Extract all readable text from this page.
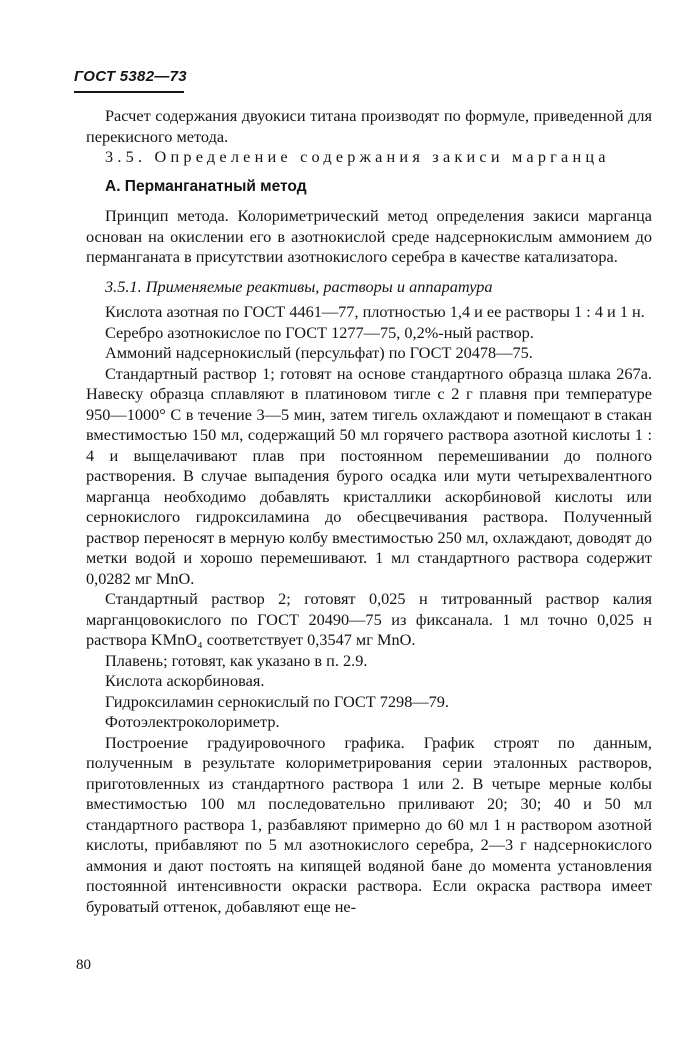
ГОСТ 5382—73

Расчет содержания двуокиси титана производят по формуле, приведенной для перекисного метода.

3.5. Определение содержания закиси марганца

А. Перманганатный метод

Принцип метода. Колориметрический метод определения закиси марганца основан на окислении его в азотнокислой среде надсернокислым аммонием до перманганата в присутствии азотнокислого серебра в качестве катализатора.

3.5.1. Применяемые реактивы, растворы и аппаратура

Кислота азотная по ГОСТ 4461—77, плотностью 1,4 и ее растворы 1 : 4 и 1 н.

Серебро азотнокислое по ГОСТ 1277—75, 0,2%-ный раствор.

Аммоний надсернокислый (персульфат) по ГОСТ 20478—75.

Стандартный раствор 1; готовят на основе стандартного образца шлака 267а. Навеску образца сплавляют в платиновом тигле с 2 г плавня при температуре 950—1000° С в течение 3—5 мин, затем тигель охлаждают и помещают в стакан вместимостью 150 мл, содержащий 50 мл горячего раствора азотной кислоты 1 : 4 и выщелачивают плав при постоянном перемешивании до полного растворения. В случае выпадения бурого осадка или мути четырехвалентного марганца необходимо добавлять кристаллики аскорбиновой кислоты или сернокислого гидроксиламина до обесцвечивания раствора. Полученный раствор переносят в мерную колбу вместимостью 250 мл, охлаждают, доводят до метки водой и хорошо перемешивают. 1 мл стандартного раствора содержит 0,0282 мг MnO.

Стандартный раствор 2; готовят 0,025 н титрованный раствор калия марганцовокислого по ГОСТ 20490—75 из фиксанала. 1 мл точно 0,025 н раствора KMnO₄ соответствует 0,3547 мг MnO.

Плавень; готовят, как указано в п. 2.9.

Кислота аскорбиновая.

Гидроксиламин сернокислый по ГОСТ 7298—79.

Фотоэлектроколориметр.

Построение градуировочного графика. График строят по данным, полученным в результате колориметрирования серии эталонных растворов, приготовленных из стандартного раствора 1 или 2. В четыре мерные колбы вместимостью 100 мл последовательно приливают 20; 30; 40 и 50 мл стандартного раствора 1, разбавляют примерно до 60 мл 1 н раствором азотной кислоты, прибавляют по 5 мл азотнокислого серебра, 2—3 г надсернокислого аммония и дают постоять на кипящей водяной бане до момента установления постоянной интенсивности окраски раствора. Если окраска раствора имеет буроватый оттенок, добавляют еще не-

80
